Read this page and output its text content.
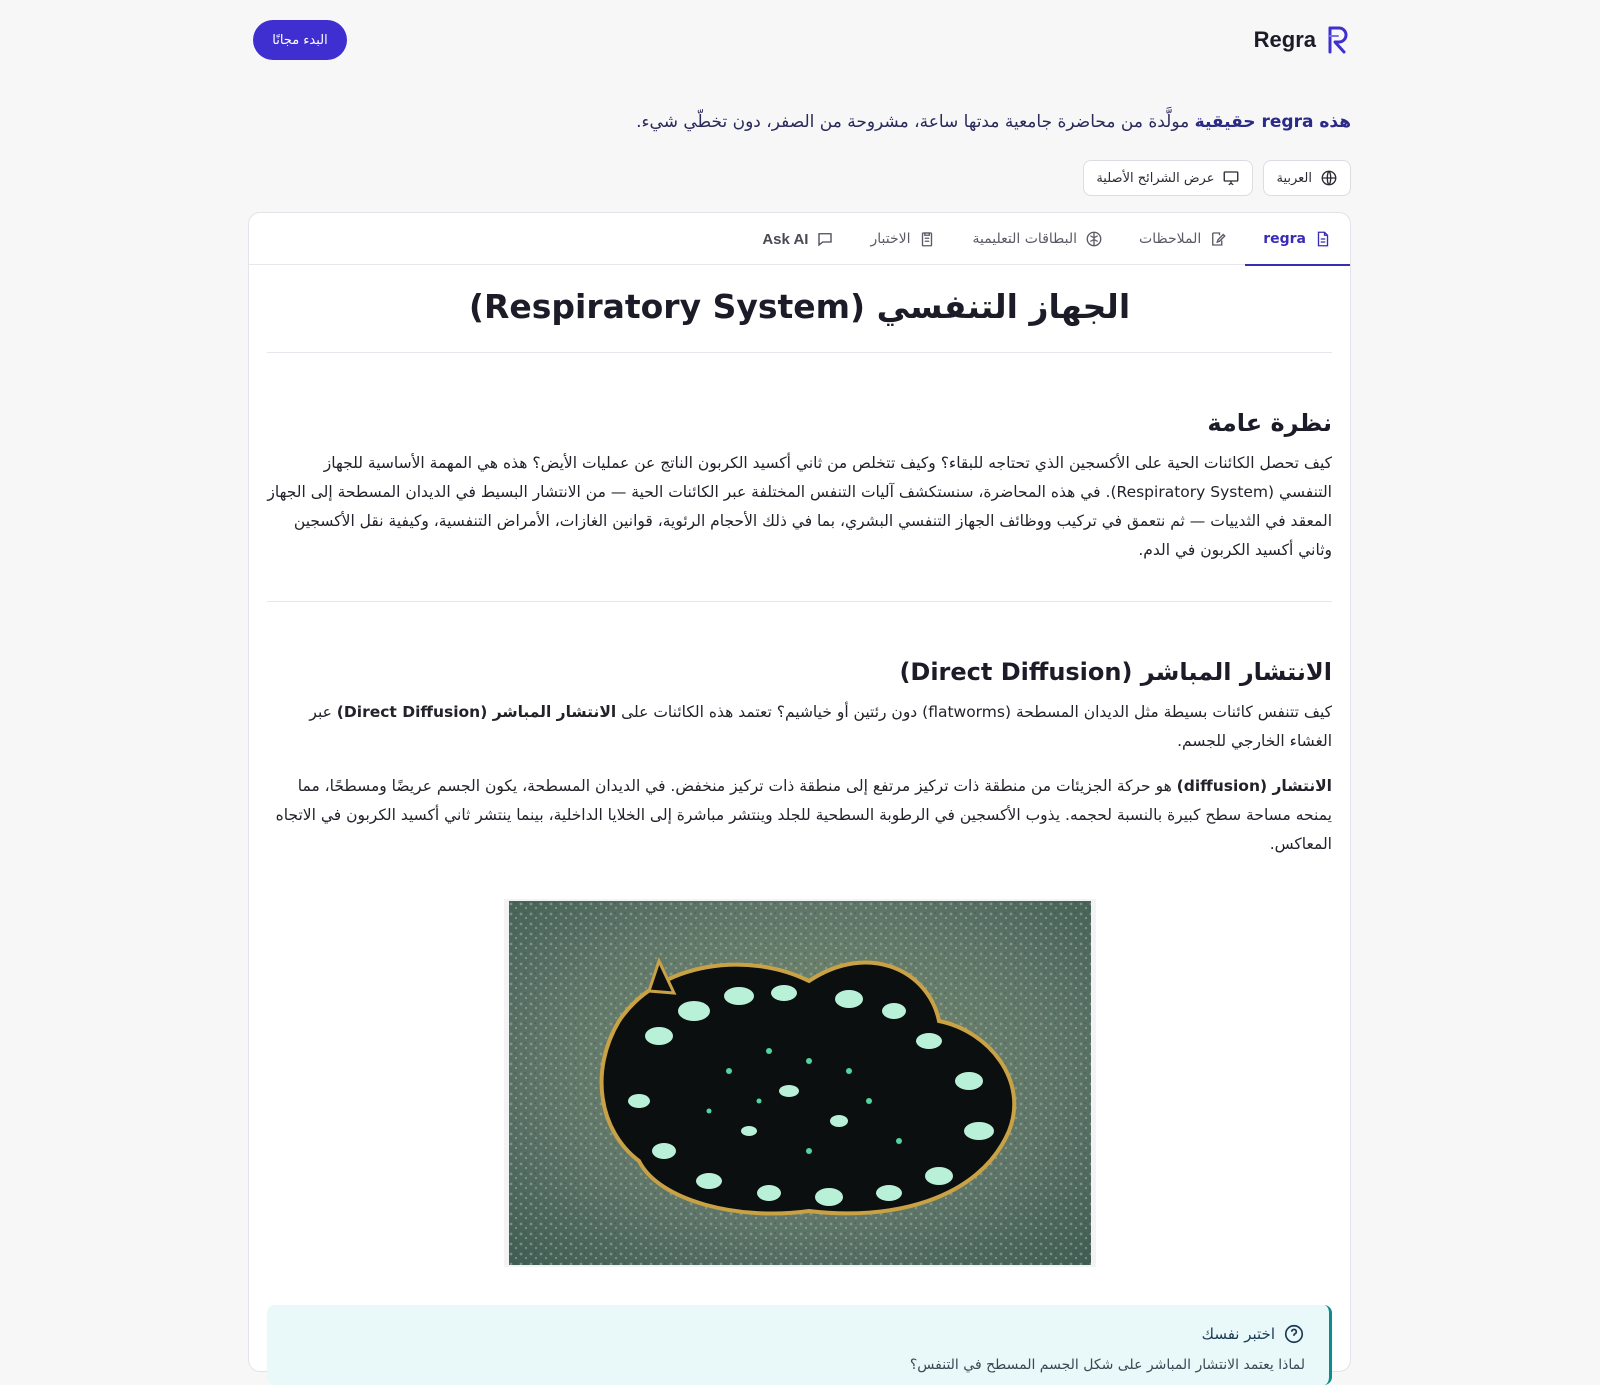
البدء مجانًا	Regra
هذه regra حقيقية مولَّدة من محاضرة جامعية مدتها ساعة، مشروحة من الصفر، دون تخطّي شيء.
العربية
عرض الشرائح الأصلية
regra
الملاحظات
البطاقات التعليمية
الاختبار
Ask AI
الجهاز التنفسي (Respiratory System)
نظرة عامة

كيف تحصل الكائنات الحية على الأكسجين الذي تحتاجه للبقاء؟ وكيف تتخلص من ثاني أكسيد الكربون الناتج عن عمليات الأيض؟ هذه هي المهمة الأساسية للجهاز التنفسي (Respiratory System). في هذه المحاضرة، سنستكشف آليات التنفس المختلفة عبر الكائنات الحية — من الانتشار البسيط في الديدان المسطحة إلى الجهاز المعقد في الثدييات — ثم نتعمق في تركيب ووظائف الجهاز التنفسي البشري، بما في ذلك الأحجام الرئوية، قوانين الغازات، الأمراض التنفسية، وكيفية نقل الأكسجين وثاني أكسيد الكربون في الدم.

الانتشار المباشر (Direct Diffusion)

كيف تتنفس كائنات بسيطة مثل الديدان المسطحة (flatworms) دون رئتين أو خياشيم؟ تعتمد هذه الكائنات على الانتشار المباشر (Direct Diffusion) عبر الغشاء الخارجي للجسم.

الانتشار (diffusion) هو حركة الجزيئات من منطقة ذات تركيز مرتفع إلى منطقة ذات تركيز منخفض. في الديدان المسطحة، يكون الجسم عريضًا ومسطحًا، مما يمنحه مساحة سطح كبيرة بالنسبة لحجمه. يذوب الأكسجين في الرطوبة السطحية للجلد وينتشر مباشرة إلى الخلايا الداخلية، بينما ينتشر ثاني أكسيد الكربون في الاتجاه المعاكس.

اختبر نفسك
لماذا يعتمد الانتشار المباشر على شكل الجسم المسطح في التنفس؟
